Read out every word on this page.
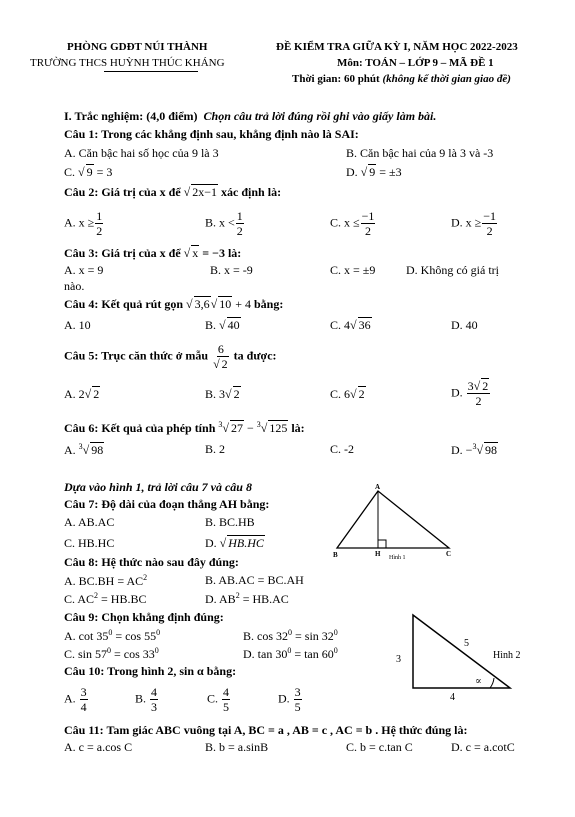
PHÒNG GDĐT NÚI THÀNH
TRƯỜNG THCS HUỲNH THÚC KHÁNG
ĐỀ KIỂM TRA GIỮA KỲ I, NĂM HỌC 2022-2023
Môn: TOÁN – LỚP 9 – MÃ ĐỀ 1
Thời gian: 60 phút (không kể thời gian giao đề)
I. Trắc nghiệm: (4,0 điểm) Chọn câu trả lời đúng rồi ghi vào giấy làm bài.
Câu 1: Trong các khẳng định sau, khẳng định nào là SAI:
A. Căn bậc hai số học của 9 là 3	B. Căn bậc hai của 9 là 3 và -3
C. √ 9 = 3	D. √ 9 = ±3
Câu 2: Giá trị của x để √ 2x−1 xác định là:
A. $x \ge \frac{1}{2}$	B. $x < \frac{1}{2}$	C. $x \le \frac{-1}{2}$	D. $x \ge \frac{-1}{2}$
Câu 3: Giá trị của x để √ x = −3 là:
A. x = 9	B. x = -9	C. x = ±9	D. Không có giá trị
nào.
Câu 4: Kết quả rút gọn √ 3,6√ 10 + 4 bằng:
A. 10	B. √ 40	C. 4√ 36	D. 40
Câu 5: Trục căn thức ở mẫu $\frac{6}{√ 2}$ ta được:
A. 2√ 2	B. 3√ 2	C. 6√ 2	D. $\frac{3√ 2}{2}$
Câu 6: Kết quả của phép tính $^3$√ 27 − $^3$√ 125 là:
A. $^3$√ 98	B. 2	C. -2	D. −$^3$√ 98
Dựa vào hình 1, trả lời câu 7 và câu 8
Câu 7: Độ dài của đoạn thẳng AH bằng:
A. AB.AC	B. BC.HB
C. HB.HC	D. √ HB.HC
Câu 8: Hệ thức nào sau đây đúng:
A. $BC.BH = AC^2$	B. AB.AC = BC.AH
C. $AC^2 = HB.BC$	D. $AB^2 = HB.AC$
Câu 9: Chọn khẳng định đúng:
A. $\cot 35^0 = \cos 55^0$	B. $\cos 32^0 = \sin 32^0$
C. $\sin 57^0 = \cos 33^0$	D. $\tan 30^0 = \tan 60^0$
Câu 10: Trong hình 2, sin α bằng:
A. $\frac{3}{4}$	B. $\frac{4}{3}$	C. $\frac{4}{5}$	D. $\frac{3}{5}$
Câu 11: Tam giác ABC vuông tại A, BC = a , AB = c , AC = b . Hệ thức đúng là:
A. c = a.cos C	B. b = a.sinB	C. b = c.tan C	D. c = a.cotC
A
B	H	C
Hình 1
3
5
4
∝
Hình 2
